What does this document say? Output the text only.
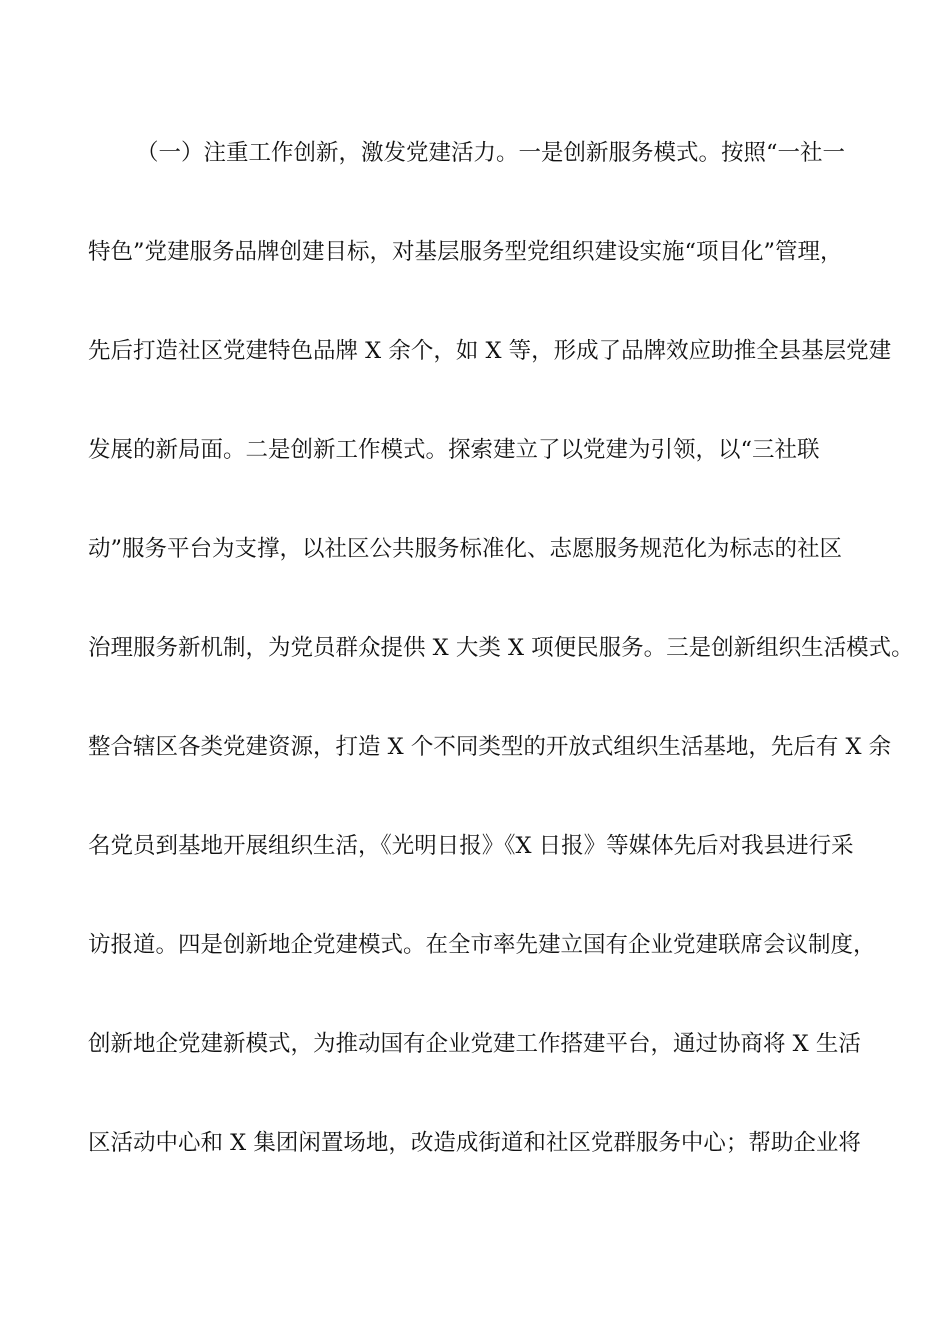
（一）注重工作创新，激发党建活力。一是创新服务模式。按照“一社一
特色”党建服务品牌创建目标，对基层服务型党组织建设实施“项目化”管理，
先后打造社区党建特色品牌 X 余个，如 X 等，形成了品牌效应助推全县基层党建
发展的新局面。二是创新工作模式。探索建立了以党建为引领，以“三社联
动”服务平台为支撑，以社区公共服务标准化、志愿服务规范化为标志的社区
治理服务新机制，为党员群众提供 X 大类 X 项便民服务。三是创新组织生活模式。
整合辖区各类党建资源，打造 X 个不同类型的开放式组织生活基地，先后有 X 余
名党员到基地开展组织生活，《光明日报》《X 日报》等媒体先后对我县进行采
访报道。四是创新地企党建模式。在全市率先建立国有企业党建联席会议制度，
创新地企党建新模式，为推动国有企业党建工作搭建平台，通过协商将 X 生活
区活动中心和 X 集团闲置场地，改造成街道和社区党群服务中心；帮助企业将
